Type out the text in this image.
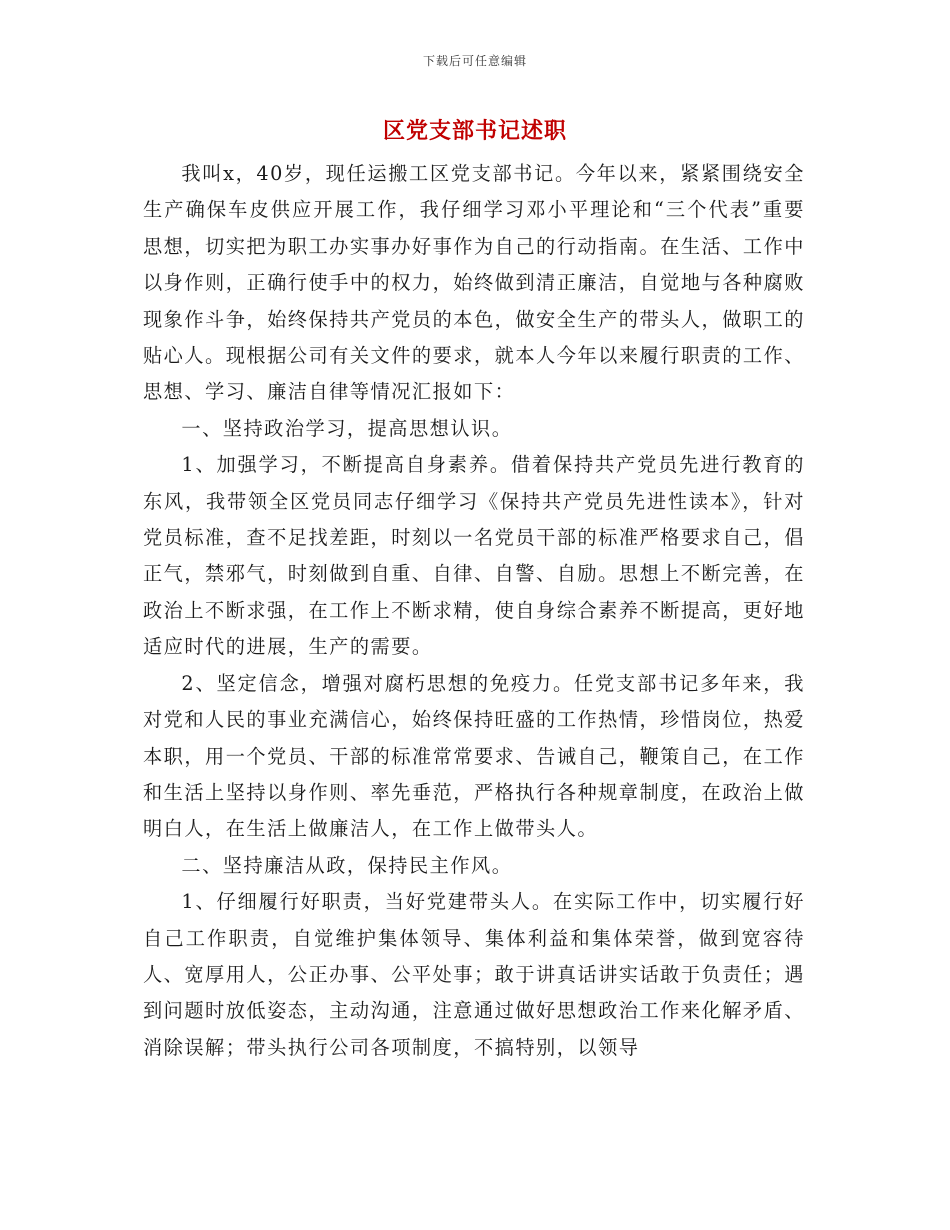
下载后可任意编辑
区党支部书记述职

我叫x，40岁，现任运搬工区党支部书记。今年以来，紧紧围绕安全生产确保车皮供应开展工作，我仔细学习邓小平理论和“三个代表”重要思想，切实把为职工办实事办好事作为自己的行动指南。在生活、工作中以身作则，正确行使手中的权力，始终做到清正廉洁，自觉地与各种腐败现象作斗争，始终保持共产党员的本色，做安全生产的带头人，做职工的贴心人。现根据公司有关文件的要求，就本人今年以来履行职责的工作、思想、学习、廉洁自律等情况汇报如下：

一、坚持政治学习，提高思想认识。

1、加强学习，不断提高自身素养。借着保持共产党员先进行教育的东风，我带领全区党员同志仔细学习《保持共产党员先进性读本》，针对党员标准，查不足找差距，时刻以一名党员干部的标准严格要求自己，倡正气，禁邪气，时刻做到自重、自律、自警、自励。思想上不断完善，在政治上不断求强，在工作上不断求精，使自身综合素养不断提高，更好地适应时代的进展，生产的需要。

2、坚定信念，增强对腐朽思想的免疫力。任党支部书记多年来，我对党和人民的事业充满信心，始终保持旺盛的工作热情，珍惜岗位，热爱本职，用一个党员、干部的标准常常要求、告诫自己，鞭策自己，在工作和生活上坚持以身作则、率先垂范，严格执行各种规章制度，在政治上做明白人，在生活上做廉洁人，在工作上做带头人。

二、坚持廉洁从政，保持民主作风。

1、仔细履行好职责，当好党建带头人。在实际工作中，切实履行好自己工作职责，自觉维护集体领导、集体利益和集体荣誉，做到宽容待人、宽厚用人，公正办事、公平处事；敢于讲真话讲实话敢于负责任；遇到问题时放低姿态，主动沟通，注意通过做好思想政治工作来化解矛盾、消除误解；带头执行公司各项制度，不搞特别，以领导
